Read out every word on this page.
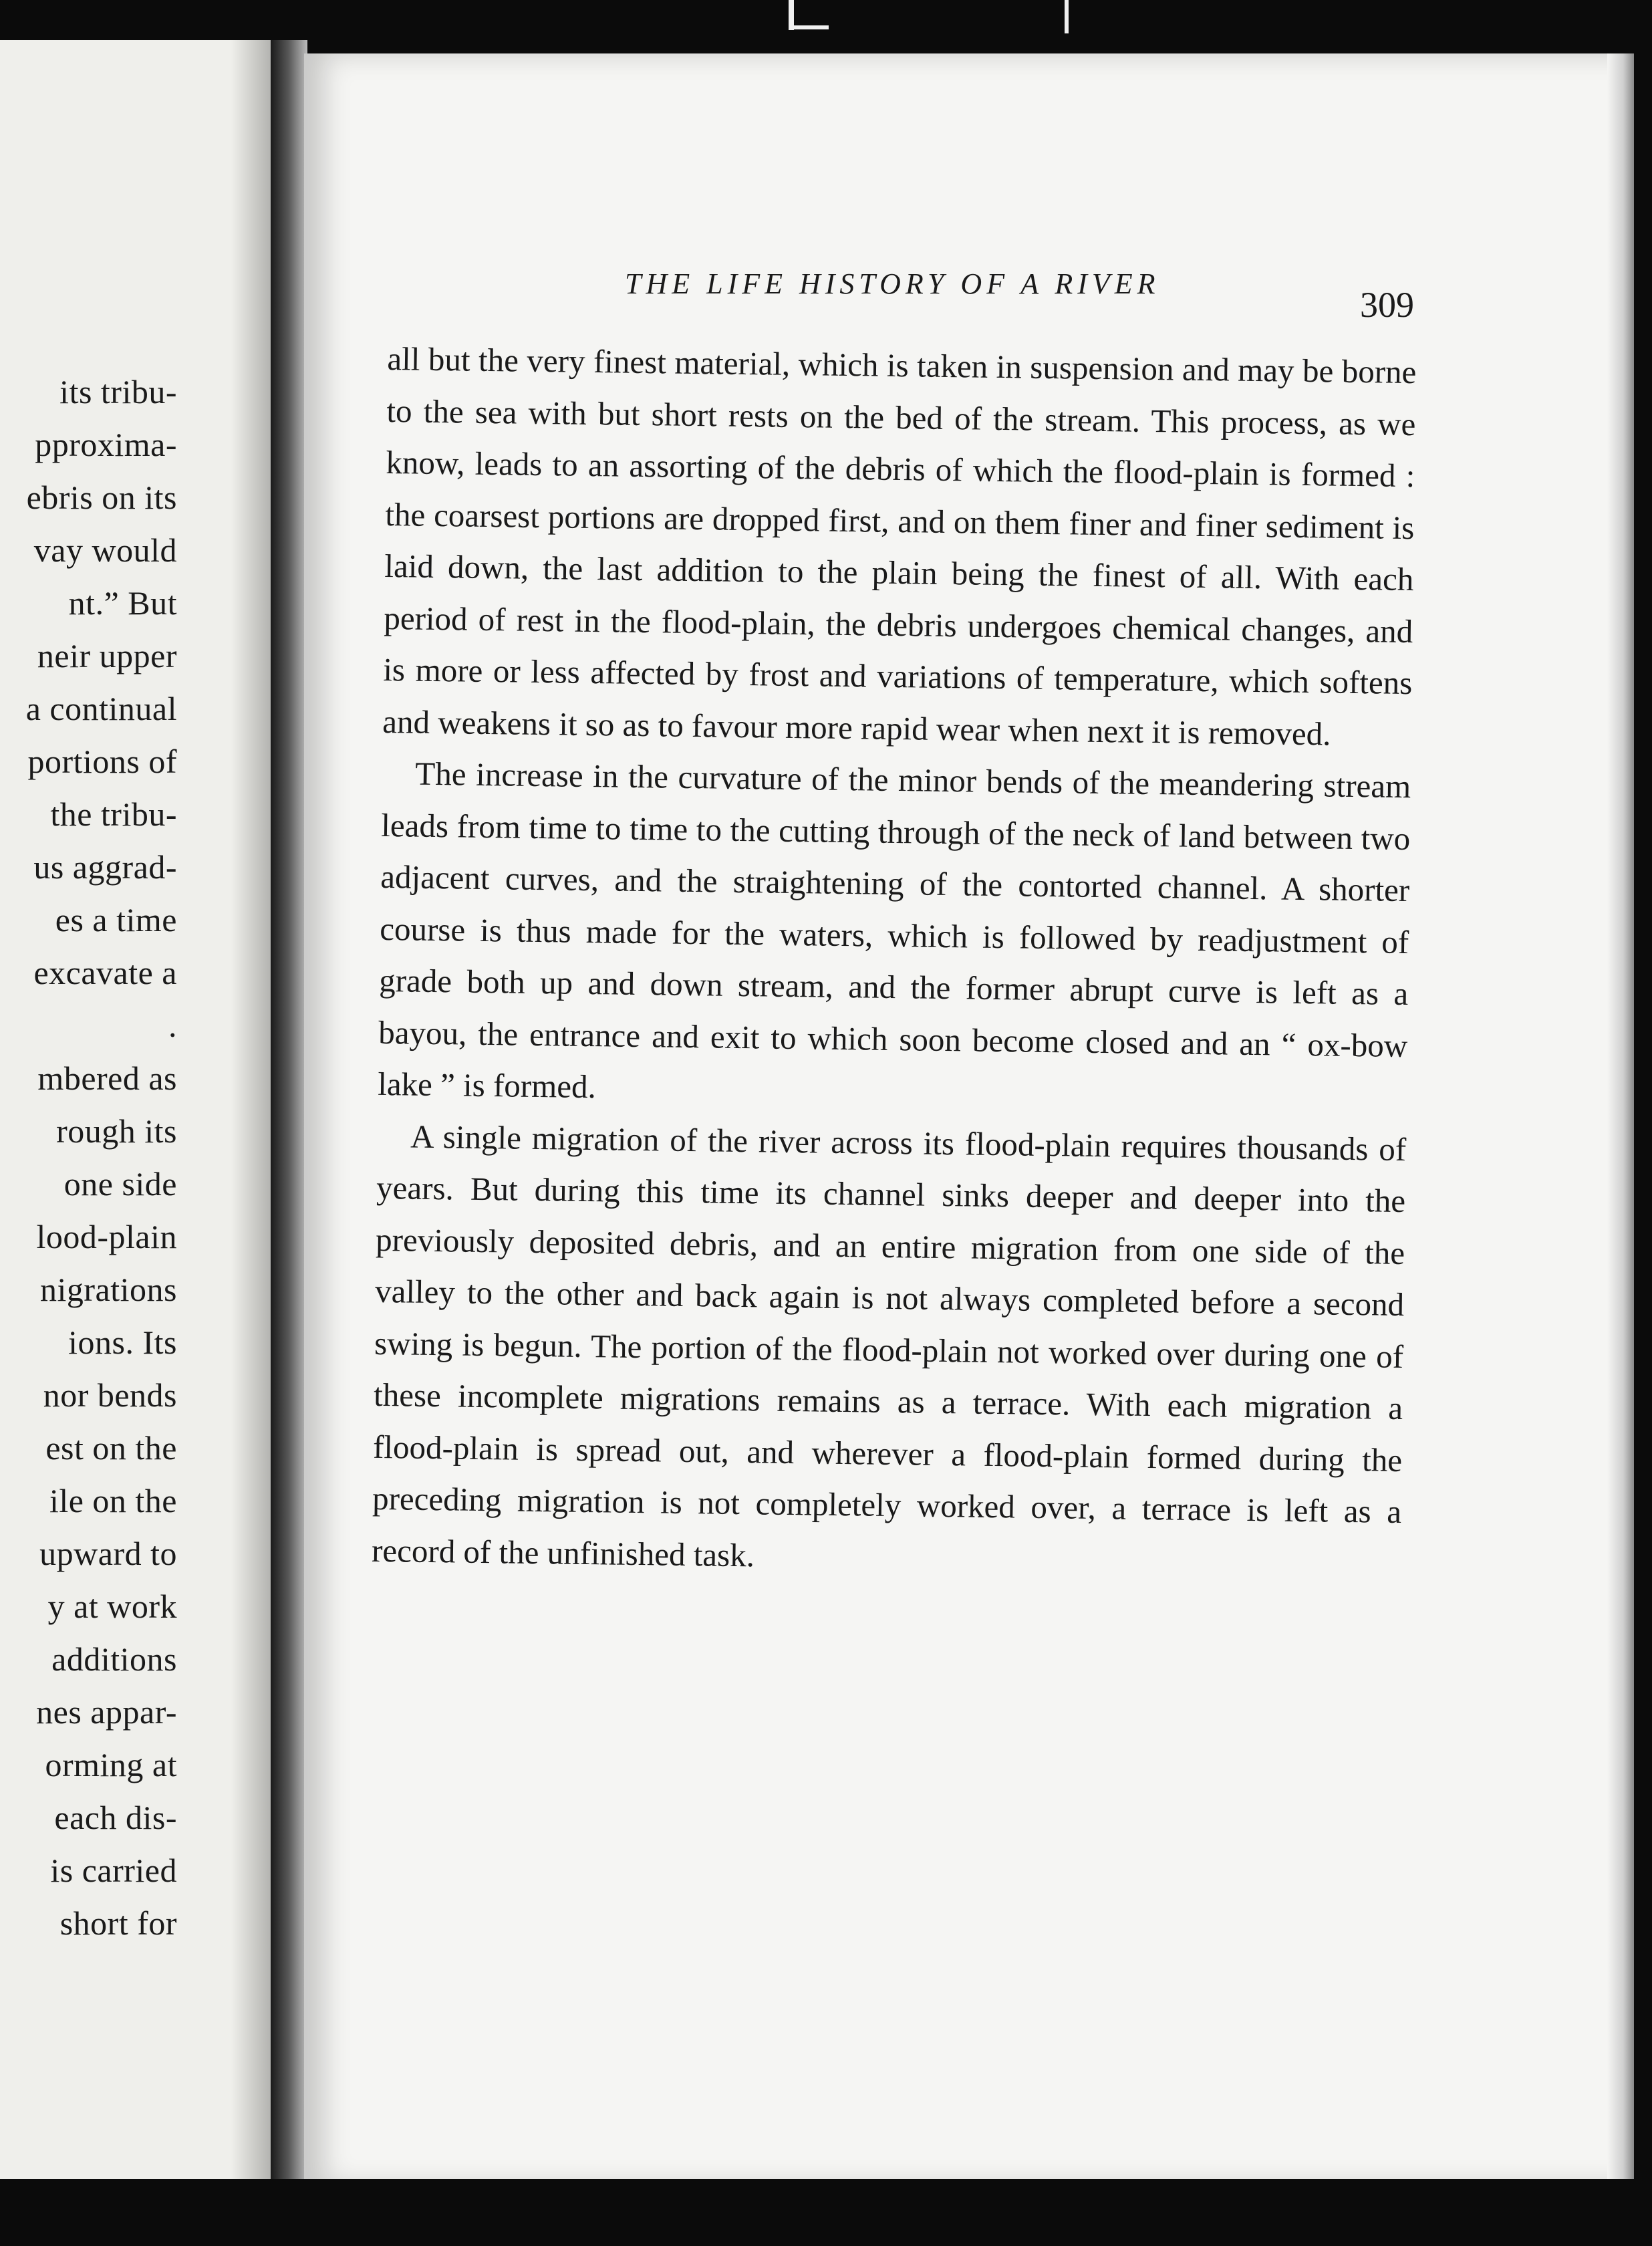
its tribu-
pproxima-
ebris on its
vay would
nt.” But
neir upper
a continual
portions of
the tribu-
us aggrad-
es a time
excavate a
.
mbered as
rough its
one side
lood-plain
nigrations
ions. Its
nor bends
est on the
ile on the
upward to
y at work
additions
nes appar-
orming at
each dis-
is carried
short for
THE LIFE HISTORY OF A RIVER
309

all but the very finest material, which is taken in suspension and may be borne to the sea with but short rests on the bed of the stream. This process, as we know, leads to an assorting of the debris of which the flood-plain is formed : the coarsest portions are dropped first, and on them finer and finer sediment is laid down, the last addition to the plain being the finest of all. With each period of rest in the flood-plain, the debris undergoes chemical changes, and is more or less affected by frost and variations of temperature, which softens and weakens it so as to favour more rapid wear when next it is removed.

The increase in the curvature of the minor bends of the meandering stream leads from time to time to the cutting through of the neck of land between two adjacent curves, and the straightening of the contorted channel. A shorter course is thus made for the waters, which is followed by readjustment of grade both up and down stream, and the former abrupt curve is left as a bayou, the entrance and exit to which soon become closed and an “ ox-bow lake ” is formed.

A single migration of the river across its flood-plain requires thousands of years. But during this time its channel sinks deeper and deeper into the previously deposited debris, and an entire migration from one side of the valley to the other and back again is not always completed before a second swing is begun. The portion of the flood-plain not worked over during one of these incomplete migrations remains as a terrace. With each migration a flood-plain is spread out, and wherever a flood-plain formed during the preceding migration is not completely worked over, a terrace is left as a record of the unfinished task.
